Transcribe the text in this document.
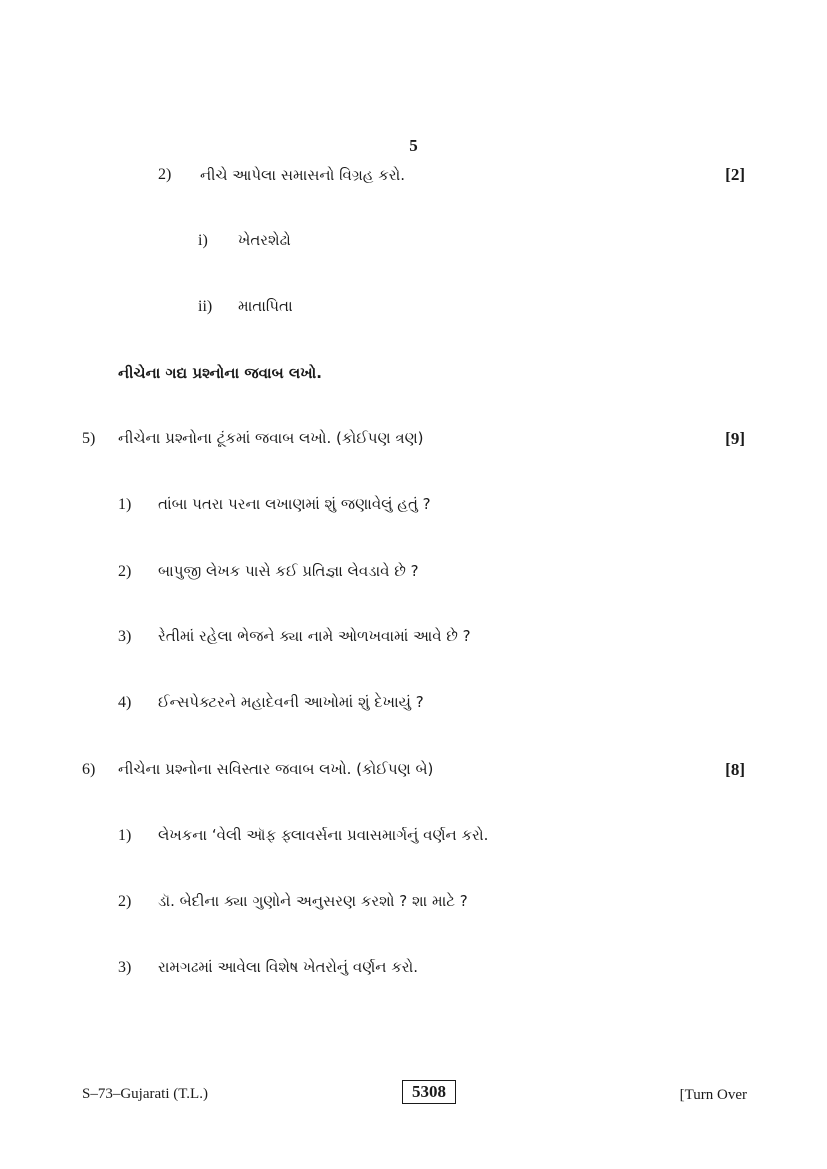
5
2) નીચે આપેલા સમાસનો વિગ્રહ કરો.	[2]
i) ખેતરશેઢો
ii) માતાપિતા
નીચેના ગદ્ય પ્રશ્નોના જવાબ લખો.
5) નીચેના પ્રશ્નોના ટૂંકમાં જવાબ લખો. (કોઈપણ ત્રણ)	[9]
1) તાંબા પતરા પરના લખાણમાં શું જણાવેલું હતું ?
2) બાપુજી લેખક પાસે કઈ પ્રતિજ્ઞા લેવડાવે છે ?
3) રેતીમાં રહેલા ભેજને ક્યા નામે ઓળખવામાં આવે છે ?
4) ઈન્સપેક્ટરને મહાદેવની આખોમાં શું દેખાયું ?
6) નીચેના પ્રશ્નોના સવિસ્તાર જવાબ લખો. (કોઈપણ બે)	[8]
1) લેખકના ‘વેલી ઑફ ફ્લાવર્સના પ્રવાસમાર્ગનું વર્ણન કરો.
2) ડૉ. બેદીના ક્યા ગુણોને અનુસરણ કરશો ? શા માટે ?
3) રામગઢમાં આવેલા વિશેષ ખેતરોનું વર્ણન કરો.
S–73–Gujarati (T.L.)	5308	[Turn Over
